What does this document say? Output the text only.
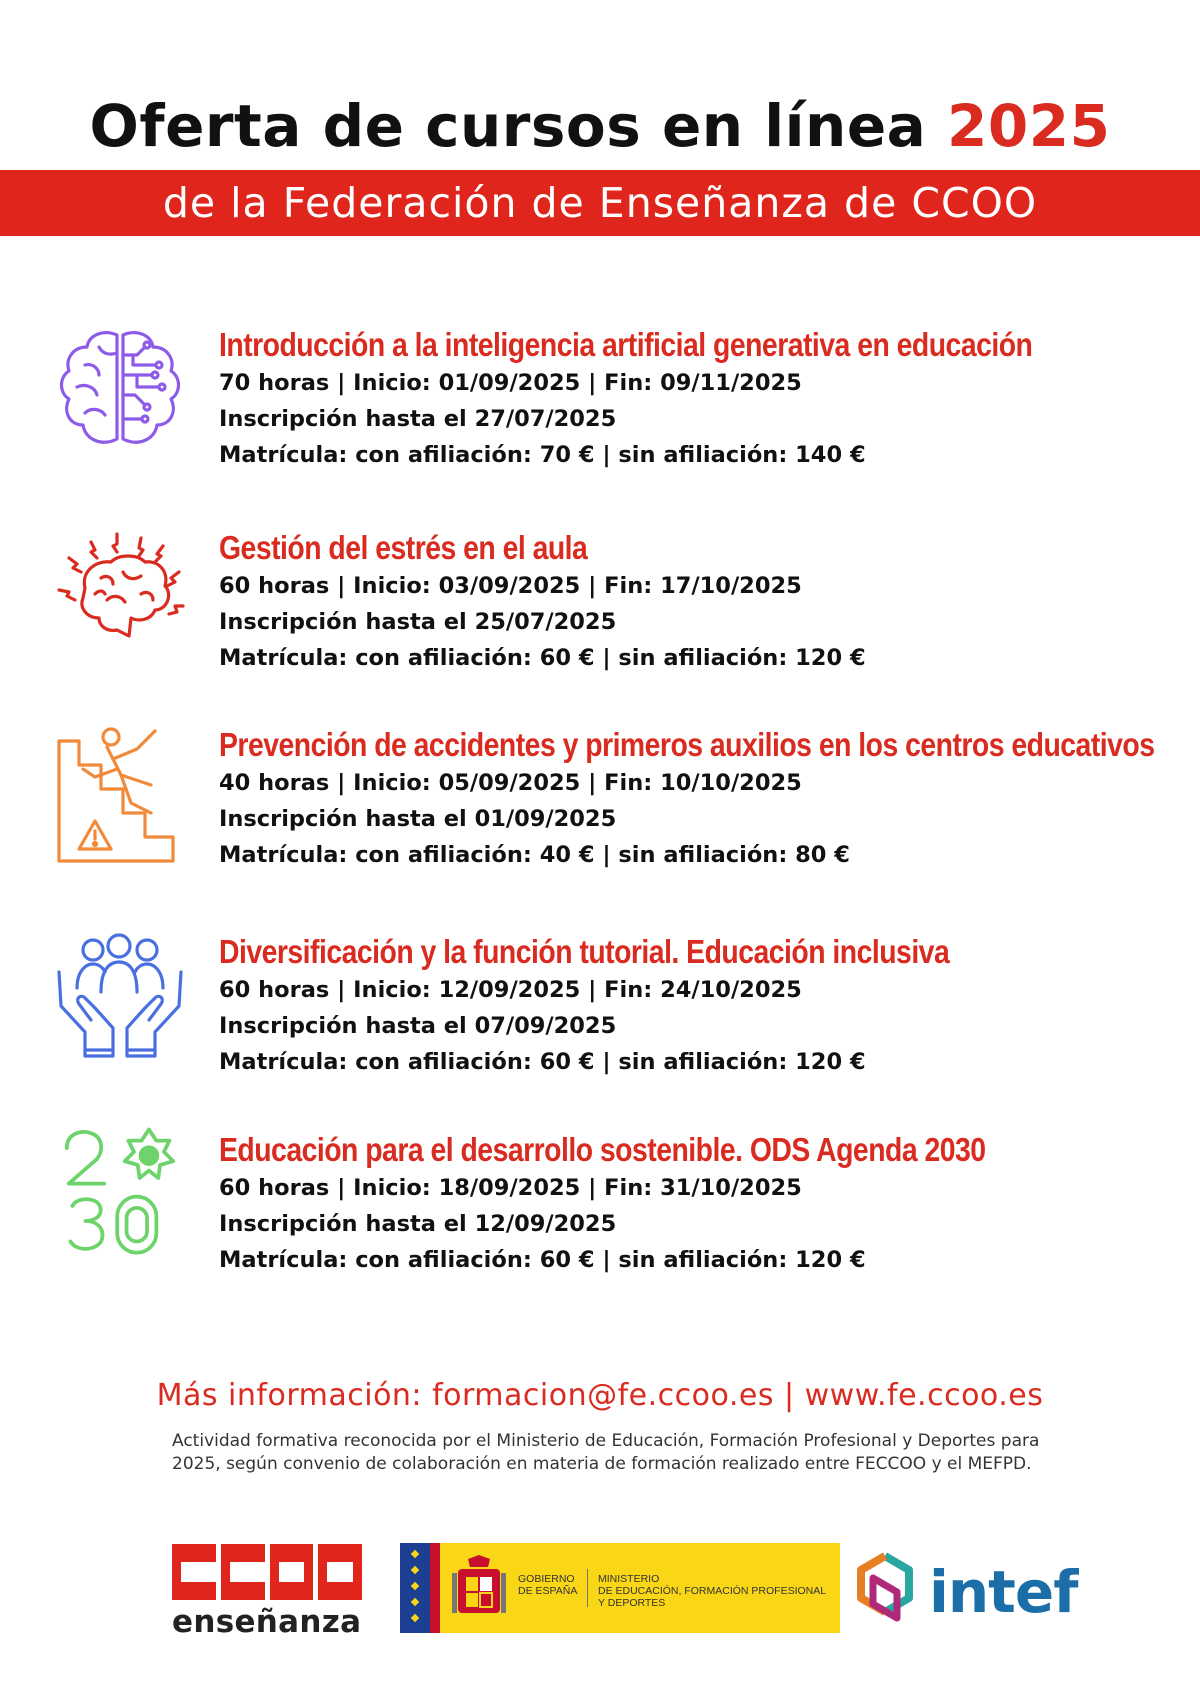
Oferta de cursos en línea 2025
de la Federación de Enseñanza de CCOO
Introducción a la inteligencia artificial generativa en educación
70 horas | Inicio: 01/09/2025 | Fin: 09/11/2025
Inscripción hasta el 27/07/2025
Matrícula: con afiliación: 70 € | sin afiliación: 140 €
Gestión del estrés en el aula
60 horas | Inicio: 03/09/2025 | Fin: 17/10/2025
Inscripción hasta el 25/07/2025
Matrícula: con afiliación: 60 € | sin afiliación: 120 €
Prevención de accidentes y primeros auxilios en los centros educativos
40 horas | Inicio: 05/09/2025 | Fin: 10/10/2025
Inscripción hasta el 01/09/2025
Matrícula: con afiliación: 40 € | sin afiliación: 80 €
Diversificación y la función tutorial. Educación inclusiva
60 horas | Inicio: 12/09/2025 | Fin: 24/10/2025
Inscripción hasta el 07/09/2025
Matrícula: con afiliación: 60 € | sin afiliación: 120 €
Educación para el desarrollo sostenible. ODS Agenda 2030
60 horas | Inicio: 18/09/2025 | Fin: 31/10/2025
Inscripción hasta el 12/09/2025
Matrícula: con afiliación: 60 € | sin afiliación: 120 €
Más información: formacion@fe.ccoo.es | www.fe.ccoo.es
Actividad formativa reconocida por el Ministerio de Educación, Formación Profesional y Deportes para 2025, según convenio de colaboración en materia de formación realizado entre FECCOO y el MEFPD.
enseñanza
GOBIERNO
DE ESPAÑA
MINISTERIO
DE EDUCACIÓN, FORMACIÓN PROFESIONAL
Y DEPORTES	intef
